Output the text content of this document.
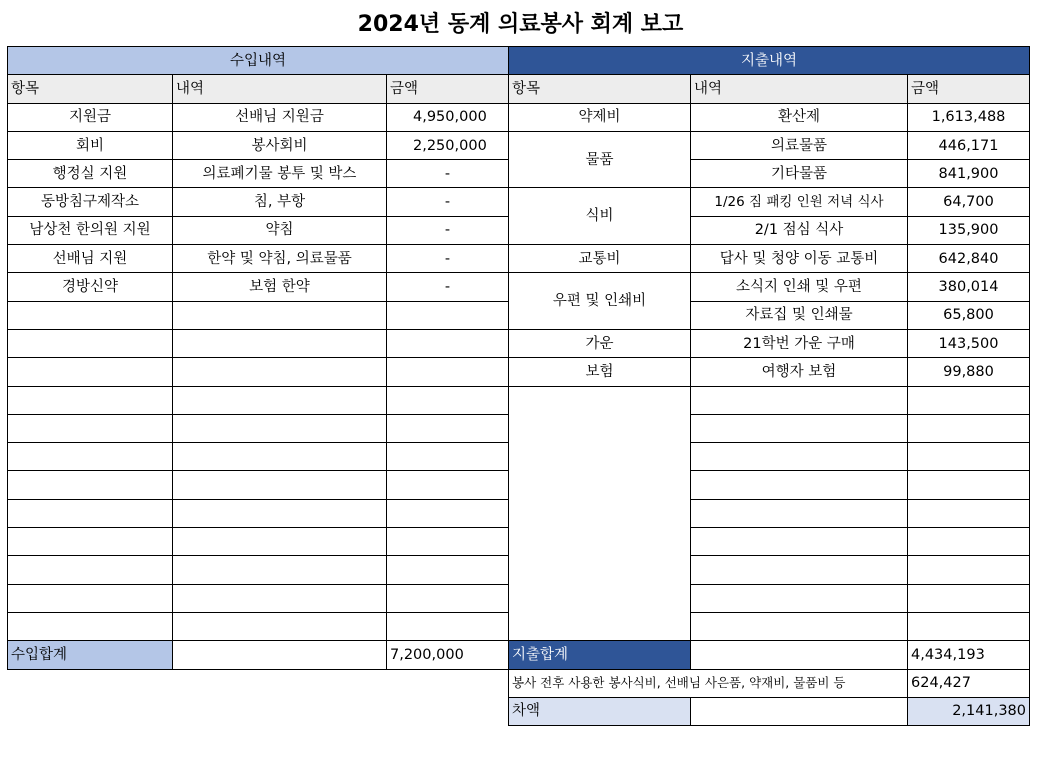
2024년 동계 의료봉사 회계 보고
수입내역			지출내역		
항목	내역	금액	항목	내역	금액
지원금	선배님 지원금	4,950,000	약제비	환산제	1,613,488
회비	봉사회비	2,250,000	물품	의료물품	446,171
행정실 지원	의료폐기물 봉투 및 박스	-		기타물품	841,900
동방침구제작소	침, 부항	-	식비	1/26 짐 패킹 인원 저녁 식사	64,700
남상천 한의원 지원	약침	-		2/1 점심 식사	135,900
선배님 지원	한약 및 약침, 의료물품	-	교통비	답사 및 청양 이동 교통비	642,840
경방신약	보험 한약	-	우편 및 인쇄비	소식지 인쇄 및 우편	380,014
				자료집 및 인쇄물	65,800
			가운	21학번 가운 구매	143,500
			보험	여행자 보험	99,880

수입합계		7,200,000	지출합계		4,434,193
			봉사 전후 사용한 봉사식비, 선배님 사은품, 약재비, 물품비 등		624,427
			차액		2,141,380
